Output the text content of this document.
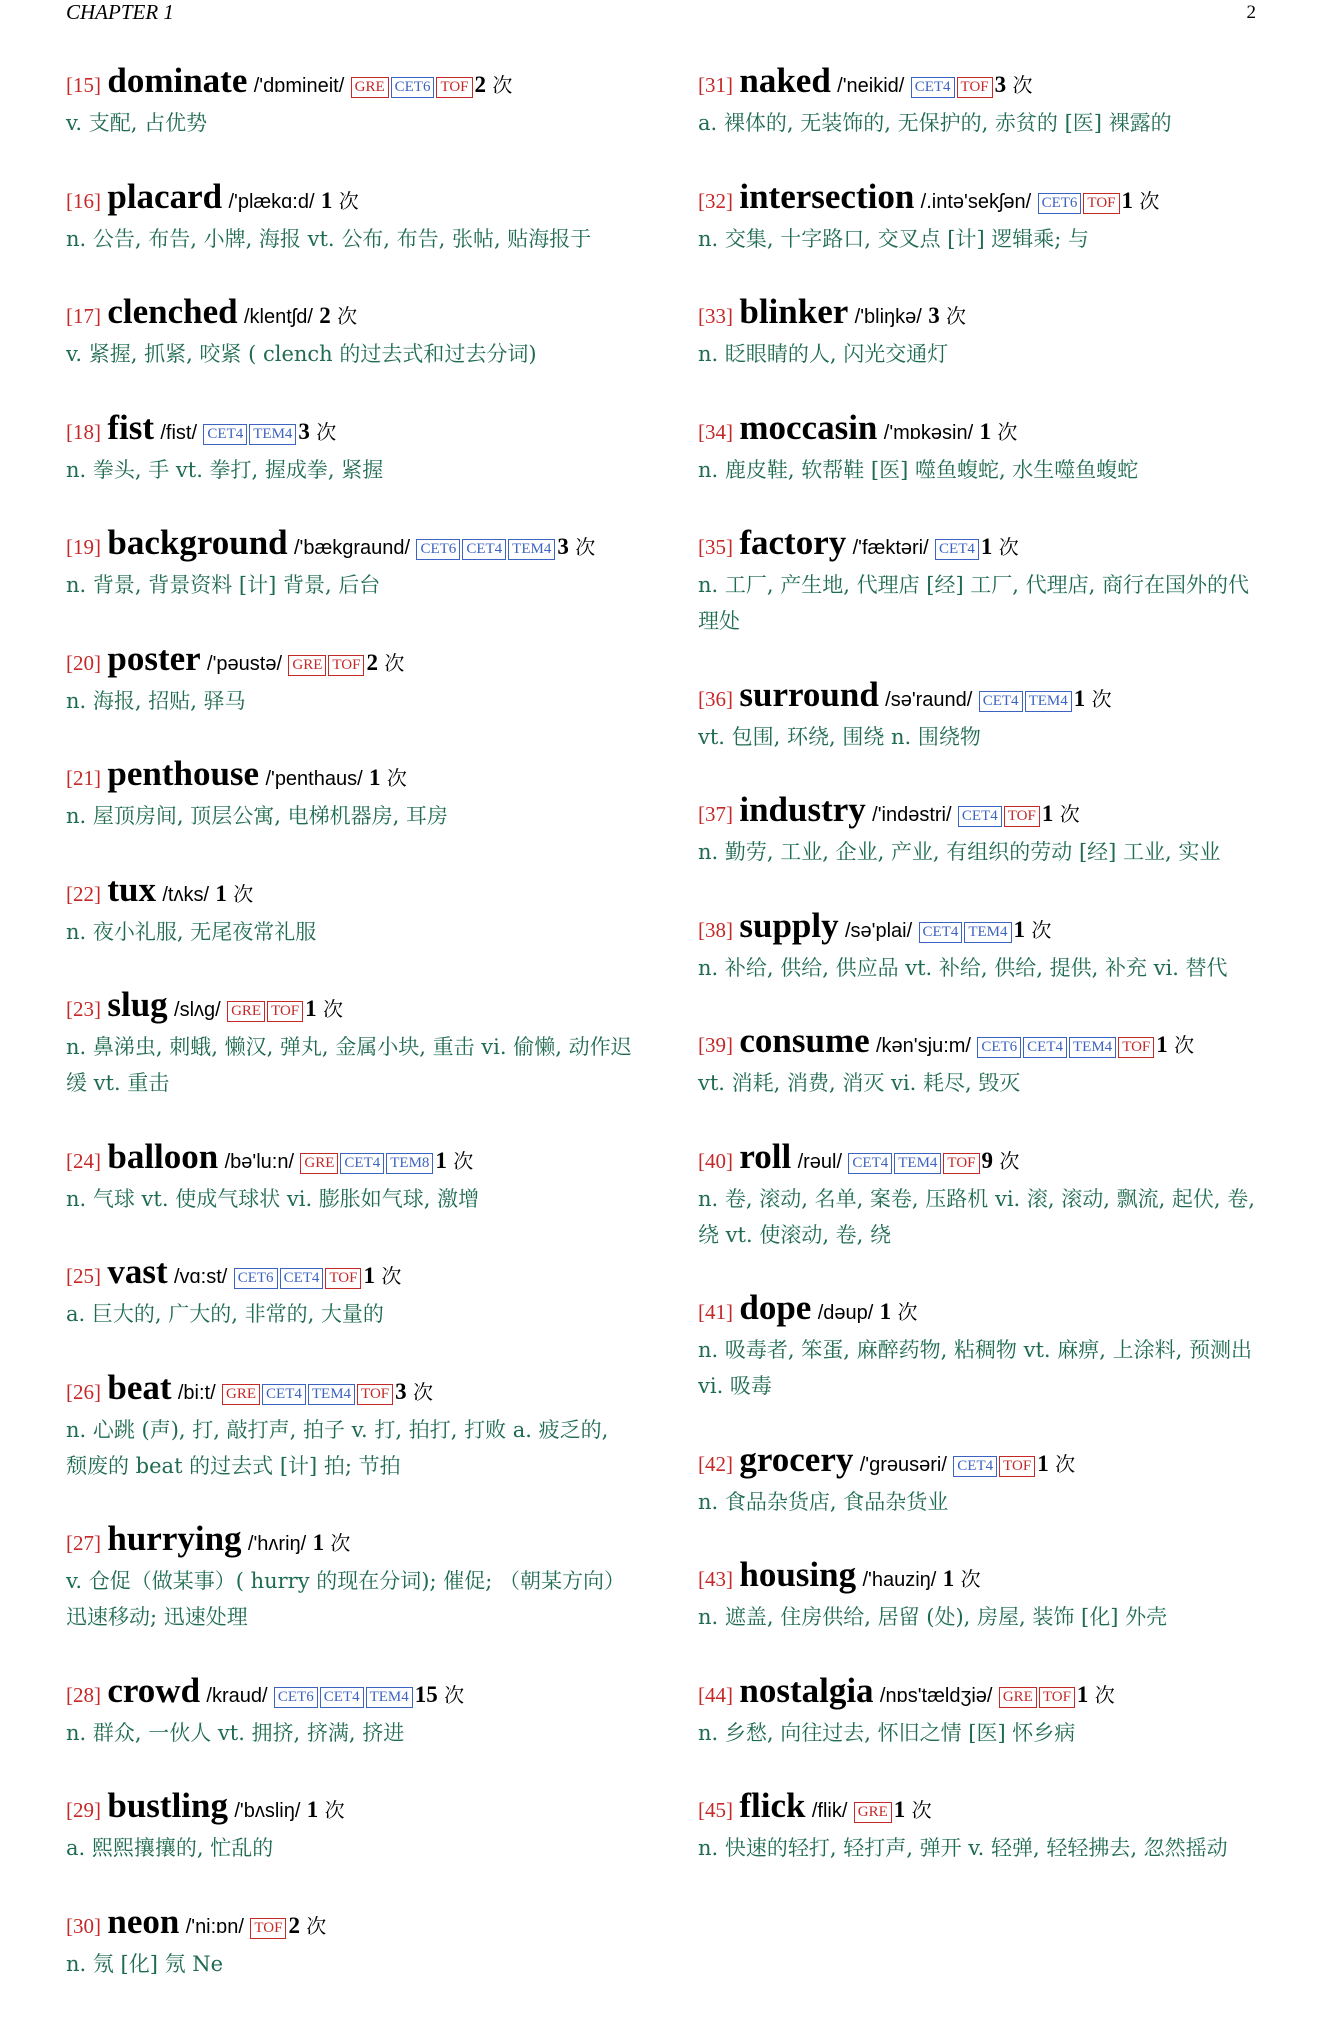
CHAPTER 1	2
[15] dominate /'dɒmineit/ GRE CET6 TOF 2 次
v. 支配, 占优势
[16] placard /'plækɑ:d/ 1 次
n. 公告, 布告, 小牌, 海报 vt. 公布, 布告, 张帖, 贴海报于
[17] clenched /klentʃd/ 2 次
v. 紧握, 抓紧, 咬紧 ( clench 的过去式和过去分词)
[18] fist /fist/ CET4 TEM4 3 次
n. 拳头, 手 vt. 拳打, 握成拳, 紧握
[19] background /'bækgraund/ CET6 CET4 TEM4 3 次
n. 背景, 背景资料 [计] 背景, 后台
[20] poster /'pəustə/ GRE TOF 2 次
n. 海报, 招贴, 驿马
[21] penthouse /'penthaus/ 1 次
n. 屋顶房间, 顶层公寓, 电梯机器房, 耳房
[22] tux /tʌks/ 1 次
n. 夜小礼服, 无尾夜常礼服
[23] slug /slʌg/ GRE TOF 1 次
n. 鼻涕虫, 刺蛾, 懒汉, 弹丸, 金属小块, 重击 vi. 偷懒, 动作迟缓 vt. 重击
[24] balloon /bə'lu:n/ GRE CET4 TEM8 1 次
n. 气球 vt. 使成气球状 vi. 膨胀如气球, 激增
[25] vast /vɑ:st/ CET6 CET4 TOF 1 次
a. 巨大的, 广大的, 非常的, 大量的
[26] beat /bi:t/ GRE CET4 TEM4 TOF 3 次
n. 心跳 (声), 打, 敲打声, 拍子 v. 打, 拍打, 打败 a. 疲乏的, 颓废的 beat 的过去式 [计] 拍; 节拍
[27] hurrying /'hʌriŋ/ 1 次
v. 仓促（做某事）( hurry 的现在分词); 催促; （朝某方向）迅速移动; 迅速处理
[28] crowd /kraud/ CET6 CET4 TEM4 15 次
n. 群众, 一伙人 vt. 拥挤, 挤满, 挤进
[29] bustling /'bʌsliŋ/ 1 次
a. 熙熙攘攘的, 忙乱的
[30] neon /'ni:ɒn/ TOF 2 次
n. 氖 [化] 氖 Ne
[31] naked /'neikid/ CET4 TOF 3 次
a. 裸体的, 无装饰的, 无保护的, 赤贫的 [医] 裸露的
[32] intersection /.intə'sekʃən/ CET6 TOF 1 次
n. 交集, 十字路口, 交叉点 [计] 逻辑乘; 与
[33] blinker /'bliŋkə/ 3 次
n. 眨眼睛的人, 闪光交通灯
[34] moccasin /'mɒkəsin/ 1 次
n. 鹿皮鞋, 软帮鞋 [医] 噬鱼蝮蛇, 水生噬鱼蝮蛇
[35] factory /'fæktəri/ CET4 1 次
n. 工厂, 产生地, 代理店 [经] 工厂, 代理店, 商行在国外的代理处
[36] surround /sə'raund/ CET4 TEM4 1 次
vt. 包围, 环绕, 围绕 n. 围绕物
[37] industry /'indəstri/ CET4 TOF 1 次
n. 勤劳, 工业, 企业, 产业, 有组织的劳动 [经] 工业, 实业
[38] supply /sə'plai/ CET4 TEM4 1 次
n. 补给, 供给, 供应品 vt. 补给, 供给, 提供, 补充 vi. 替代
[39] consume /kən'sju:m/ CET6 CET4 TEM4 TOF 1 次
vt. 消耗, 消费, 消灭 vi. 耗尽, 毁灭
[40] roll /rəul/ CET4 TEM4 TOF 9 次
n. 卷, 滚动, 名单, 案卷, 压路机 vi. 滚, 滚动, 飘流, 起伏, 卷, 绕 vt. 使滚动, 卷, 绕
[41] dope /dəup/ 1 次
n. 吸毒者, 笨蛋, 麻醉药物, 粘稠物 vt. 麻痹, 上涂料, 预测出 vi. 吸毒
[42] grocery /'grəusəri/ CET4 TOF 1 次
n. 食品杂货店, 食品杂货业
[43] housing /'hauziŋ/ 1 次
n. 遮盖, 住房供给, 居留 (处), 房屋, 装饰 [化] 外壳
[44] nostalgia /nɒs'tældʒiə/ GRE TOF 1 次
n. 乡愁, 向往过去, 怀旧之情 [医] 怀乡病
[45] flick /flik/ GRE 1 次
n. 快速的轻打, 轻打声, 弹开 v. 轻弹, 轻轻拂去, 忽然摇动
